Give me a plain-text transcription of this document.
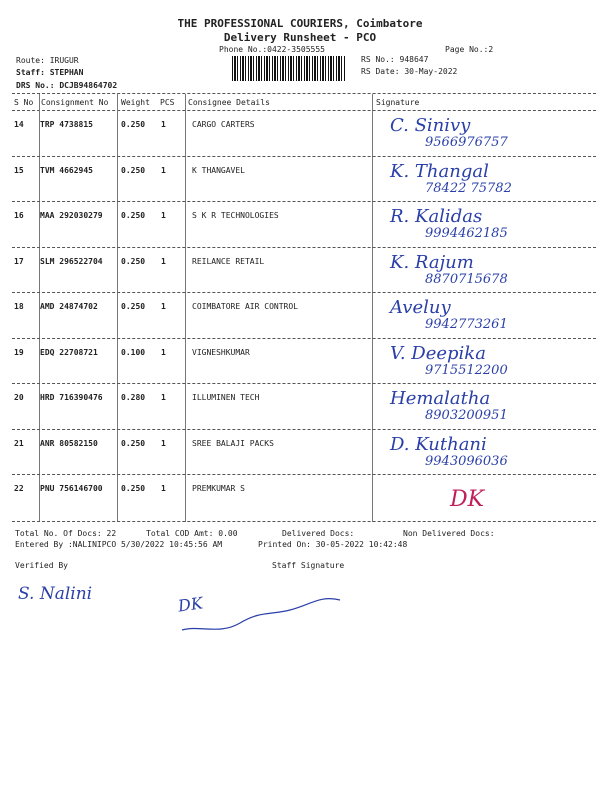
THE PROFESSIONAL COURIERS, Coimbatore
Delivery Runsheet - PCO
Phone No.:0422-3505555	Page No.:2
Route: IRUGUR
Staff: STEPHAN
DRS No.: DCJB94864702
RS No.: 948647
RS Date: 30-May-2022
S No Consignment No Weight PCS Consignee Details	Signature
14 TRP 4738815	0.250 1	CARGO CARTERS	C. Sinivy
9566976757
15 TVM 4662945	0.250 1	K THANGAVEL	K. Thangal
78422 75782
16 MAA 292030279 0.250 1	S K R TECHNOLOGIES	R. Kalidas
9994462185
17 SLM 296522704 0.250 1	REILANCE RETAIL	K. Rajum
8870715678
18 AMD 24874702	0.250 1	COIMBATORE AIR CONTROL	Aveluy
9942773261
19 EDQ 22708721	0.100 1	VIGNESHKUMAR	V. Deepika
9715512200
20 HRD 716390476 0.280 1	ILLUMINEN TECH	Hemalatha
8903200951
21 ANR 80582150	0.250 1	SREE BALAJI PACKS	D. Kuthani
9943096036
22 PNU 756146700 0.250 1	PREMKUMAR S	DK
Total No. Of Docs: 22	Total COD Amt: 0.00	Delivered Docs:	Non Delivered Docs:
Entered By :NALINIPCO 5/30/2022 10:45:56 AM	Printed On: 30-05-2022 10:42:48
Verified By	Staff Signature
S. Nalini	DK
